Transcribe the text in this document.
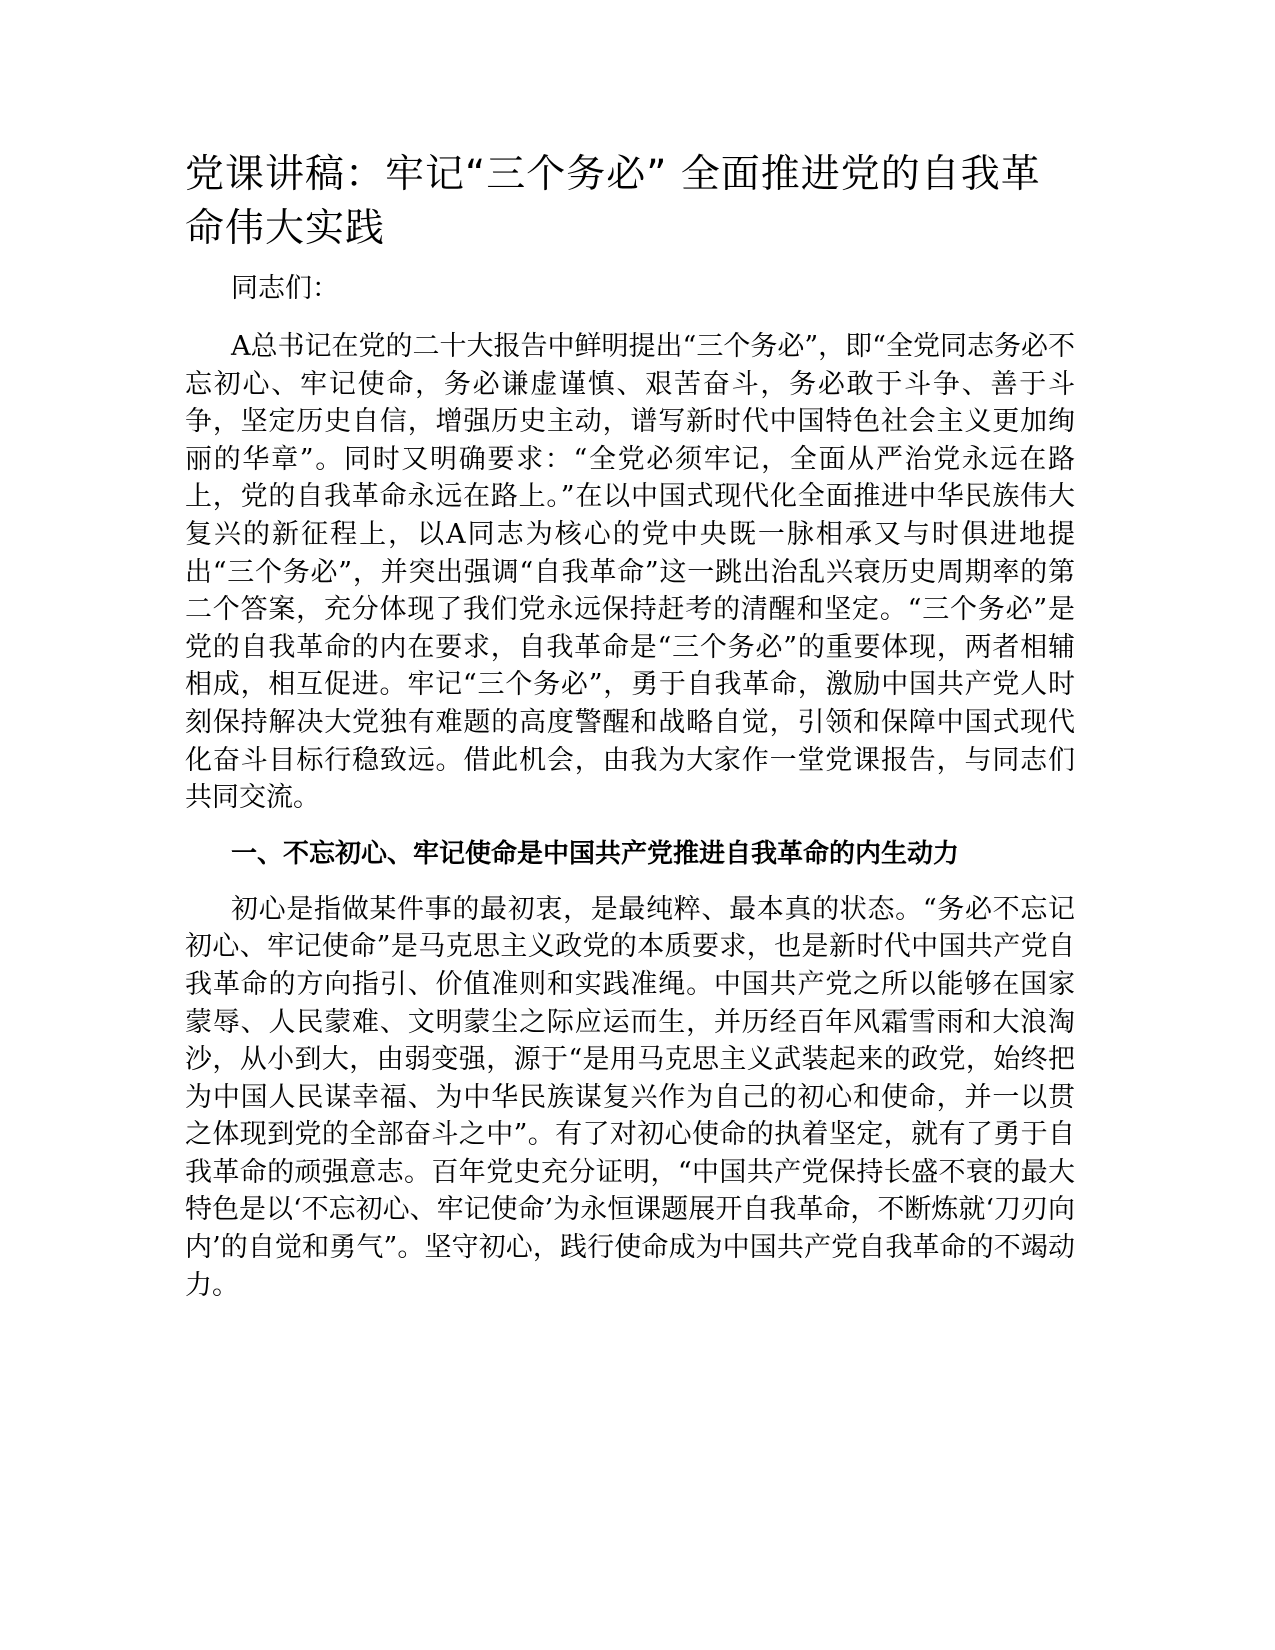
党课讲稿：牢记“三个务必” 全面推进党的自我革命伟大实践

同志们：

A总书记在党的二十大报告中鲜明提出“三个务必”，即“全党同志务必不忘初心、牢记使命，务必谦虚谨慎、艰苦奋斗，务必敢于斗争、善于斗争，坚定历史自信，增强历史主动，谱写新时代中国特色社会主义更加绚丽的华章”。同时又明确要求：“全党必须牢记，全面从严治党永远在路上，党的自我革命永远在路上。”在以中国式现代化全面推进中华民族伟大复兴的新征程上，以A同志为核心的党中央既一脉相承又与时俱进地提出“三个务必”，并突出强调“自我革命”这一跳出治乱兴衰历史周期率的第二个答案，充分体现了我们党永远保持赶考的清醒和坚定。“三个务必”是党的自我革命的内在要求，自我革命是“三个务必”的重要体现，两者相辅相成，相互促进。牢记“三个务必”，勇于自我革命，激励中国共产党人时刻保持解决大党独有难题的高度警醒和战略自觉，引领和保障中国式现代化奋斗目标行稳致远。借此机会，由我为大家作一堂党课报告，与同志们共同交流。

一、不忘初心、牢记使命是中国共产党推进自我革命的内生动力

初心是指做某件事的最初衷，是最纯粹、最本真的状态。“务必不忘记初心、牢记使命”是马克思主义政党的本质要求，也是新时代中国共产党自我革命的方向指引、价值准则和实践准绳。中国共产党之所以能够在国家蒙辱、人民蒙难、文明蒙尘之际应运而生，并历经百年风霜雪雨和大浪淘沙，从小到大，由弱变强，源于“是用马克思主义武装起来的政党，始终把为中国人民谋幸福、为中华民族谋复兴作为自己的初心和使命，并一以贯之体现到党的全部奋斗之中”。有了对初心使命的执着坚定，就有了勇于自我革命的顽强意志。百年党史充分证明，“中国共产党保持长盛不衰的最大特色是以‘不忘初心、牢记使命’为永恒课题展开自我革命，不断炼就‘刀刃向内’的自觉和勇气”。坚守初心，践行使命成为中国共产党自我革命的不竭动力。
